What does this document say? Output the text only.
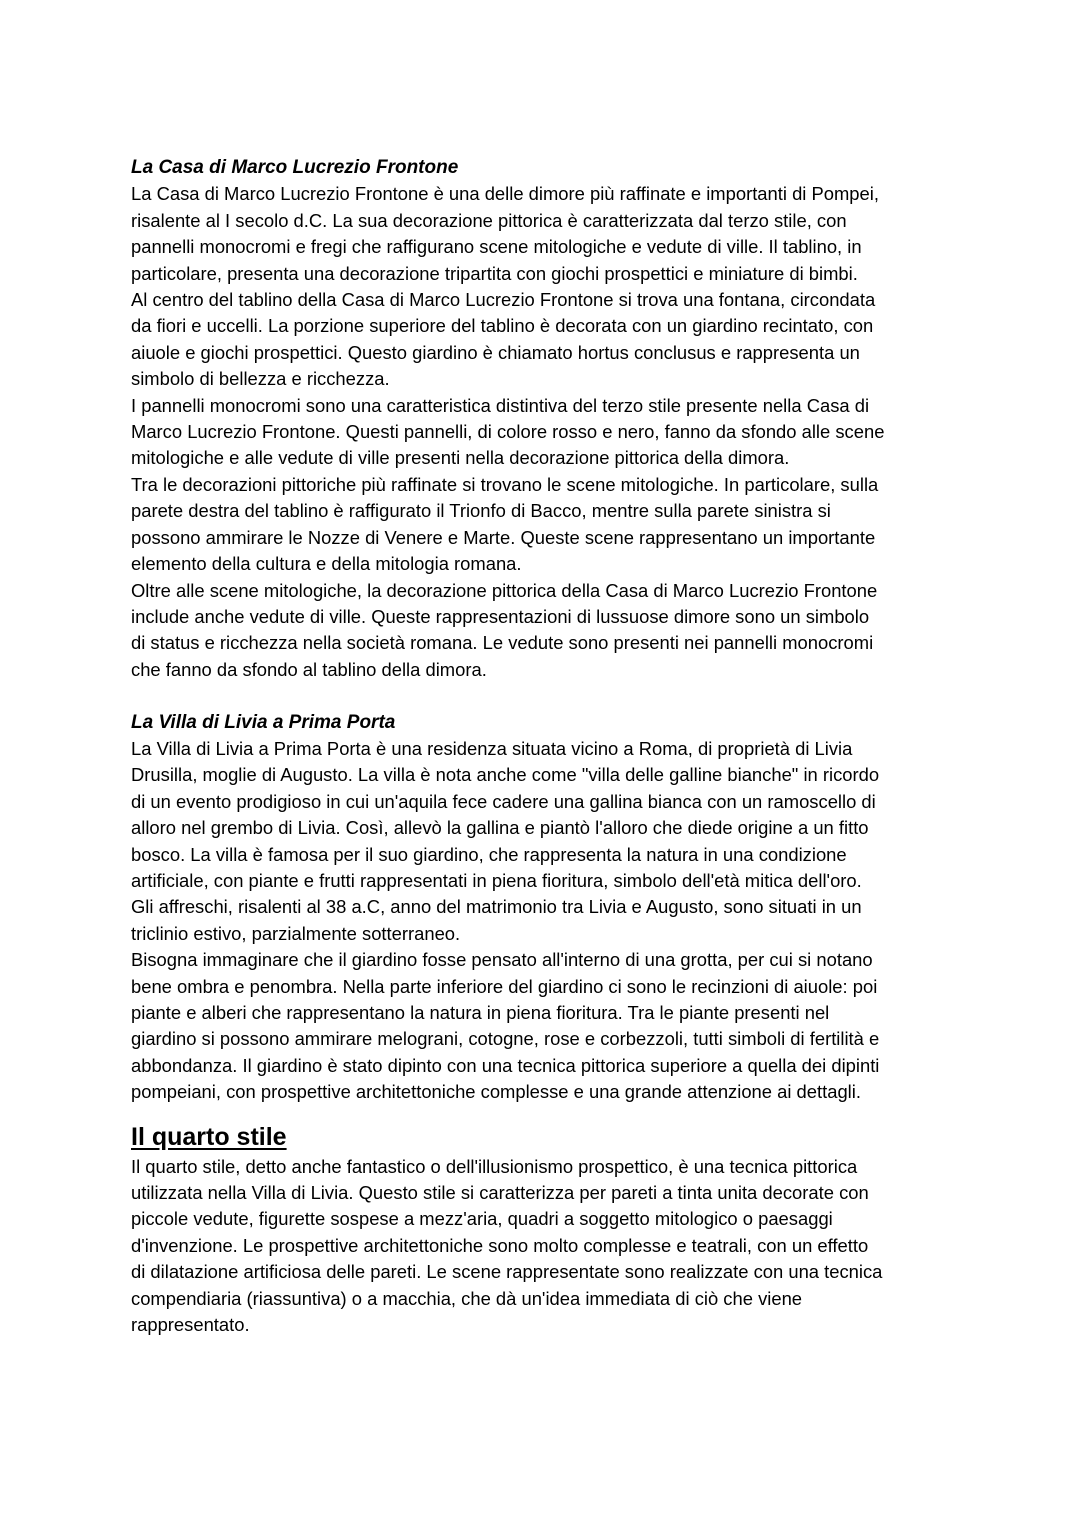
La Casa di Marco Lucrezio Frontone

La Casa di Marco Lucrezio Frontone è una delle dimore più raffinate e importanti di Pompei,
risalente al I secolo d.C. La sua decorazione pittorica è caratterizzata dal terzo stile, con
pannelli monocromi e fregi che raffigurano scene mitologiche e vedute di ville. Il tablino, in
particolare, presenta una decorazione tripartita con giochi prospettici e miniature di bimbi.

Al centro del tablino della Casa di Marco Lucrezio Frontone si trova una fontana, circondata
da fiori e uccelli. La porzione superiore del tablino è decorata con un giardino recintato, con
aiuole e giochi prospettici. Questo giardino è chiamato hortus conclusus e rappresenta un
simbolo di bellezza e ricchezza.

I pannelli monocromi sono una caratteristica distintiva del terzo stile presente nella Casa di
Marco Lucrezio Frontone. Questi pannelli, di colore rosso e nero, fanno da sfondo alle scene
mitologiche e alle vedute di ville presenti nella decorazione pittorica della dimora.

Tra le decorazioni pittoriche più raffinate si trovano le scene mitologiche. In particolare, sulla
parete destra del tablino è raffigurato il Trionfo di Bacco, mentre sulla parete sinistra si
possono ammirare le Nozze di Venere e Marte. Queste scene rappresentano un importante
elemento della cultura e della mitologia romana.

Oltre alle scene mitologiche, la decorazione pittorica della Casa di Marco Lucrezio Frontone
include anche vedute di ville. Queste rappresentazioni di lussuose dimore sono un simbolo
di status e ricchezza nella società romana. Le vedute sono presenti nei pannelli monocromi
che fanno da sfondo al tablino della dimora.

La Villa di Livia a Prima Porta

La Villa di Livia a Prima Porta è una residenza situata vicino a Roma, di proprietà di Livia
Drusilla, moglie di Augusto. La villa è nota anche come "villa delle galline bianche" in ricordo
di un evento prodigioso in cui un'aquila fece cadere una gallina bianca con un ramoscello di
alloro nel grembo di Livia. Così, allevò la gallina e piantò l'alloro che diede origine a un fitto
bosco. La villa è famosa per il suo giardino, che rappresenta la natura in una condizione
artificiale, con piante e frutti rappresentati in piena fioritura, simbolo dell'età mitica dell'oro.
Gli affreschi, risalenti al 38 a.C, anno del matrimonio tra Livia e Augusto, sono situati in un
triclinio estivo, parzialmente sotterraneo.

Bisogna immaginare che il giardino fosse pensato all'interno di una grotta, per cui si notano
bene ombra e penombra. Nella parte inferiore del giardino ci sono le recinzioni di aiuole: poi
piante e alberi che rappresentano la natura in piena fioritura. Tra le piante presenti nel
giardino si possono ammirare melograni, cotogne, rose e corbezzoli, tutti simboli di fertilità e
abbondanza. Il giardino è stato dipinto con una tecnica pittorica superiore a quella dei dipinti
pompeiani, con prospettive architettoniche complesse e una grande attenzione ai dettagli.

Il quarto stile

Il quarto stile, detto anche fantastico o dell'illusionismo prospettico, è una tecnica pittorica
utilizzata nella Villa di Livia. Questo stile si caratterizza per pareti a tinta unita decorate con
piccole vedute, figurette sospese a mezz'aria, quadri a soggetto mitologico o paesaggi
d'invenzione. Le prospettive architettoniche sono molto complesse e teatrali, con un effetto
di dilatazione artificiosa delle pareti. Le scene rappresentate sono realizzate con una tecnica
compendiaria (riassuntiva) o a macchia, che dà un'idea immediata di ciò che viene
rappresentato.
